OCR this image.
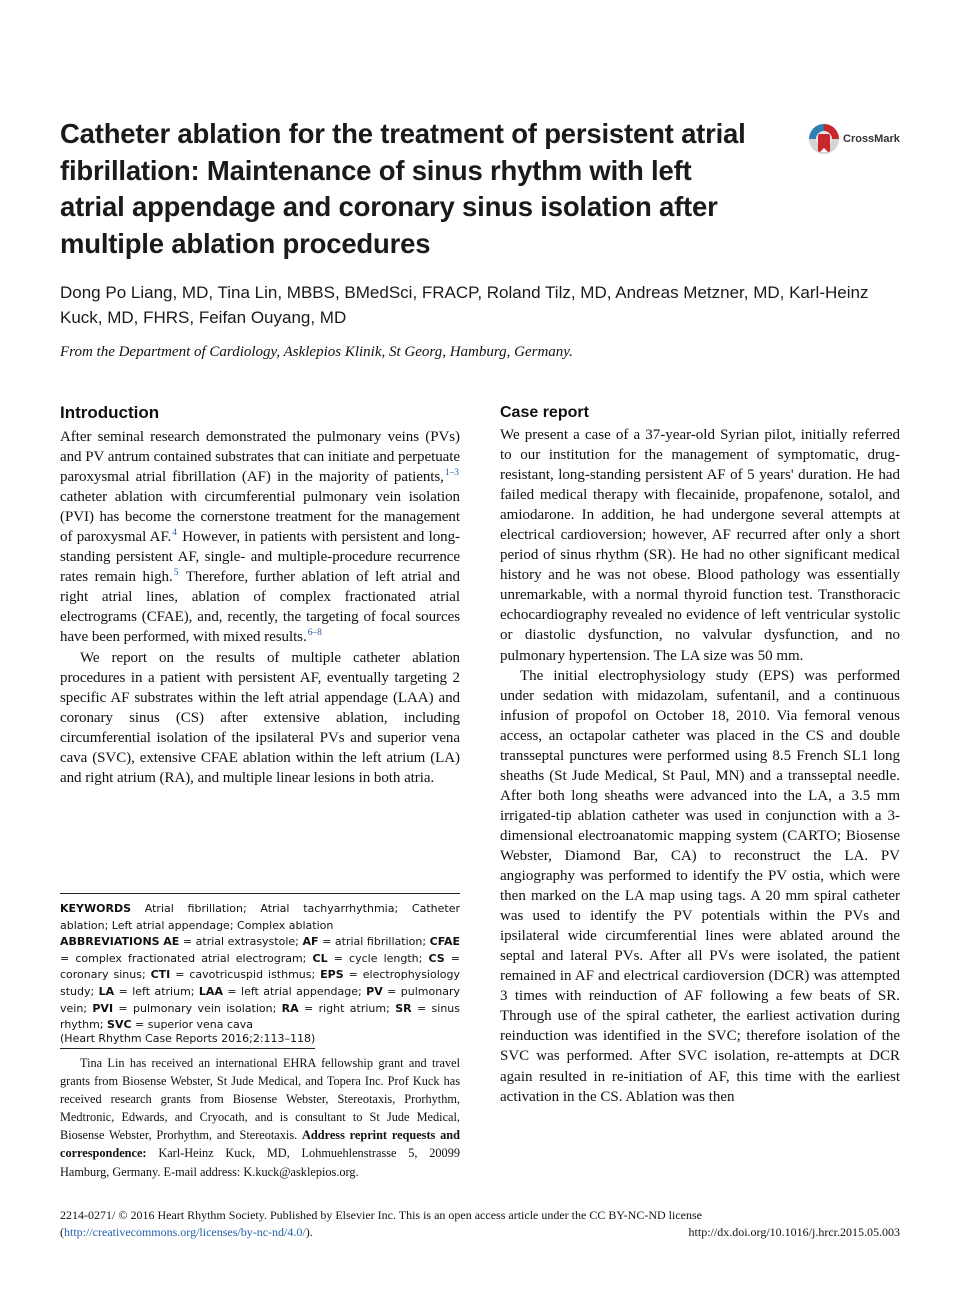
Catheter ablation for the treatment of persistent atrial fibrillation: Maintenance of sinus rhythm with left atrial appendage and coronary sinus isolation after multiple ablation procedures
CrossMark

Dong Po Liang, MD, Tina Lin, MBBS, BMedSci, FRACP, Roland Tilz, MD, Andreas Metzner, MD, Karl-Heinz Kuck, MD, FHRS, Feifan Ouyang, MD

From the Department of Cardiology, Asklepios Klinik, St Georg, Hamburg, Germany.

Introduction

After seminal research demonstrated the pulmonary veins (PVs) and PV antrum contained substrates that can initiate and perpetuate paroxysmal atrial fibrillation (AF) in the majority of patients,$^{1-3}$ catheter ablation with circumferential pulmonary vein isolation (PVI) has become the cornerstone treatment for the management of paroxysmal AF.$^4$ However, in patients with persistent and long-standing persistent AF, single- and multiple-procedure recurrence rates remain high.$^5$ Therefore, further ablation of left atrial and right atrial lines, ablation of complex fractionated atrial electrograms (CFAE), and, recently, the targeting of focal sources have been performed, with mixed results.$^{6-8}$

We report on the results of multiple catheter ablation procedures in a patient with persistent AF, eventually targeting 2 specific AF substrates within the left atrial appendage (LAA) and coronary sinus (CS) after extensive ablation, including circumferential isolation of the ipsilateral PVs and superior vena cava (SVC), extensive CFAE ablation within the left atrium (LA) and right atrium (RA), and multiple linear lesions in both atria.

KEYWORDS Atrial fibrillation; Atrial tachyarrhythmia; Catheter ablation; Left atrial appendage; Complex ablation

ABBREVIATIONS AE = atrial extrasystole; AF = atrial fibrillation; CFAE = complex fractionated atrial electrogram; CL = cycle length; CS = coronary sinus; CTI = cavotricuspid isthmus; EPS = electrophysiology study; LA = left atrium; LAA = left atrial appendage; PV = pulmonary vein; PVI = pulmonary vein isolation; RA = right atrium; SR = sinus rhythm; SVC = superior vena cava

(Heart Rhythm Case Reports 2016;2:113–118)

Tina Lin has received an international EHRA fellowship grant and travel grants from Biosense Webster, St Jude Medical, and Topera Inc. Prof Kuck has received research grants from Biosense Webster, Stereotaxis, Prorhythm, Medtronic, Edwards, and Cryocath, and is consultant to St Jude Medical, Biosense Webster, Prorhythm, and Stereotaxis. Address reprint requests and correspondence: Karl-Heinz Kuck, MD, Lohmuehlenstrasse 5, 20099 Hamburg, Germany. E-mail address: K.kuck@asklepios.org.

Case report

We present a case of a 37-year-old Syrian pilot, initially referred to our institution for the management of symptomatic, drug-resistant, long-standing persistent AF of 5 years' duration. He had failed medical therapy with flecainide, propafenone, sotalol, and amiodarone. In addition, he had undergone several attempts at electrical cardioversion; however, AF recurred after only a short period of sinus rhythm (SR). He had no other significant medical history and he was not obese. Blood pathology was essentially unremarkable, with a normal thyroid function test. Transthoracic echocardiography revealed no evidence of left ventricular systolic or diastolic dysfunction, no valvular dysfunction, and no pulmonary hypertension. The LA size was 50 mm.

The initial electrophysiology study (EPS) was performed under sedation with midazolam, sufentanil, and a continuous infusion of propofol on October 18, 2010. Via femoral venous access, an octapolar catheter was placed in the CS and double transseptal punctures were performed using 8.5 French SL1 long sheaths (St Jude Medical, St Paul, MN) and a transseptal needle. After both long sheaths were advanced into the LA, a 3.5 mm irrigated-tip ablation catheter was used in conjunction with a 3-dimensional electroanatomic mapping system (CARTO; Biosense Webster, Diamond Bar, CA) to reconstruct the LA. PV angiography was performed to identify the PV ostia, which were then marked on the LA map using tags. A 20 mm spiral catheter was used to identify the PV potentials within the PVs and ipsilateral wide circumferential lines were ablated around the septal and lateral PVs. After all PVs were isolated, the patient remained in AF and electrical cardioversion (DCR) was attempted 3 times with reinduction of AF following a few beats of SR. Through use of the spiral catheter, the earliest activation during reinduction was identified in the SVC; therefore isolation of the SVC was performed. After SVC isolation, re-attempts at DCR again resulted in re-initiation of AF, this time with the earliest activation in the CS. Ablation was then

2214-0271/ © 2016 Heart Rhythm Society. Published by Elsevier Inc. This is an open access article under the CC BY-NC-ND license
(http://creativecommons.org/licenses/by-nc-nd/4.0/).	http://dx.doi.org/10.1016/j.hrcr.2015.05.003
